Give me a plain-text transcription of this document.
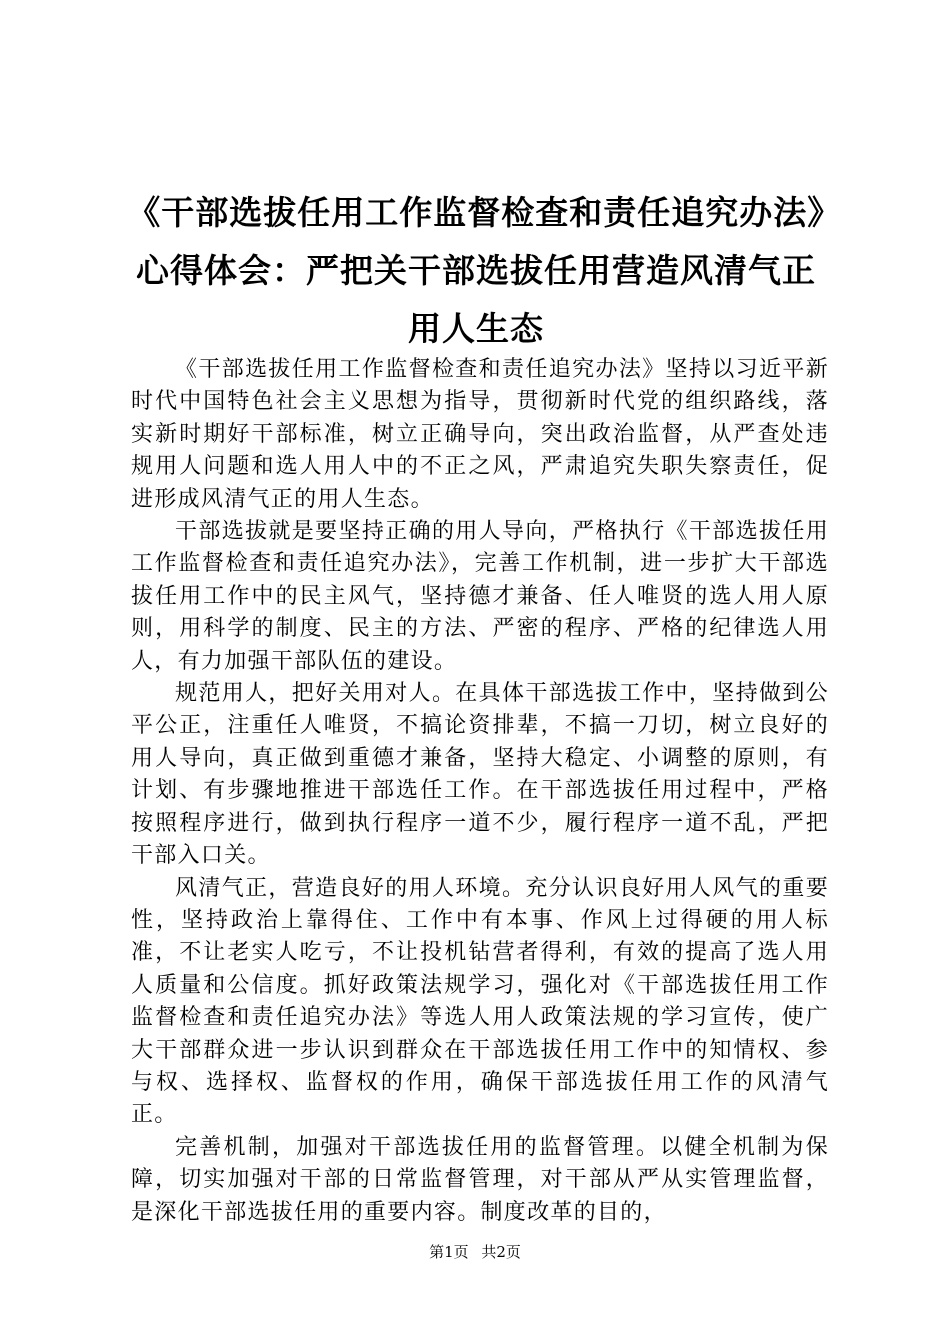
《干部选拔任用工作监督检查和责任追究办法》心得体会：严把关干部选拔任用营造风清气正用人生态

《干部选拔任用工作监督检查和责任追究办法》坚持以习近平新时代中国特色社会主义思想为指导，贯彻新时代党的组织路线，落实新时期好干部标准，树立正确导向，突出政治监督，从严查处违规用人问题和选人用人中的不正之风，严肃追究失职失察责任，促进形成风清气正的用人生态。

干部选拔就是要坚持正确的用人导向，严格执行《干部选拔任用工作监督检查和责任追究办法》，完善工作机制，进一步扩大干部选拔任用工作中的民主风气，坚持德才兼备、任人唯贤的选人用人原则，用科学的制度、民主的方法、严密的程序、严格的纪律选人用人，有力加强干部队伍的建设。

规范用人，把好关用对人。在具体干部选拔工作中，坚持做到公平公正，注重任人唯贤，不搞论资排辈，不搞一刀切，树立良好的用人导向，真正做到重德才兼备，坚持大稳定、小调整的原则，有计划、有步骤地推进干部选任工作。在干部选拔任用过程中，严格按照程序进行，做到执行程序一道不少，履行程序一道不乱，严把干部入口关。

风清气正，营造良好的用人环境。充分认识良好用人风气的重要性，坚持政治上靠得住、工作中有本事、作风上过得硬的用人标准，不让老实人吃亏，不让投机钻营者得利，有效的提高了选人用人质量和公信度。抓好政策法规学习，强化对《干部选拔任用工作监督检查和责任追究办法》等选人用人政策法规的学习宣传，使广大干部群众进一步认识到群众在干部选拔任用工作中的知情权、参与权、选择权、监督权的作用，确保干部选拔任用工作的风清气正。

完善机制，加强对干部选拔任用的监督管理。以健全机制为保障，切实加强对干部的日常监督管理，对干部从严从实管理监督，是深化干部选拔任用的重要内容。制度改革的目的，

第1页 共2页
